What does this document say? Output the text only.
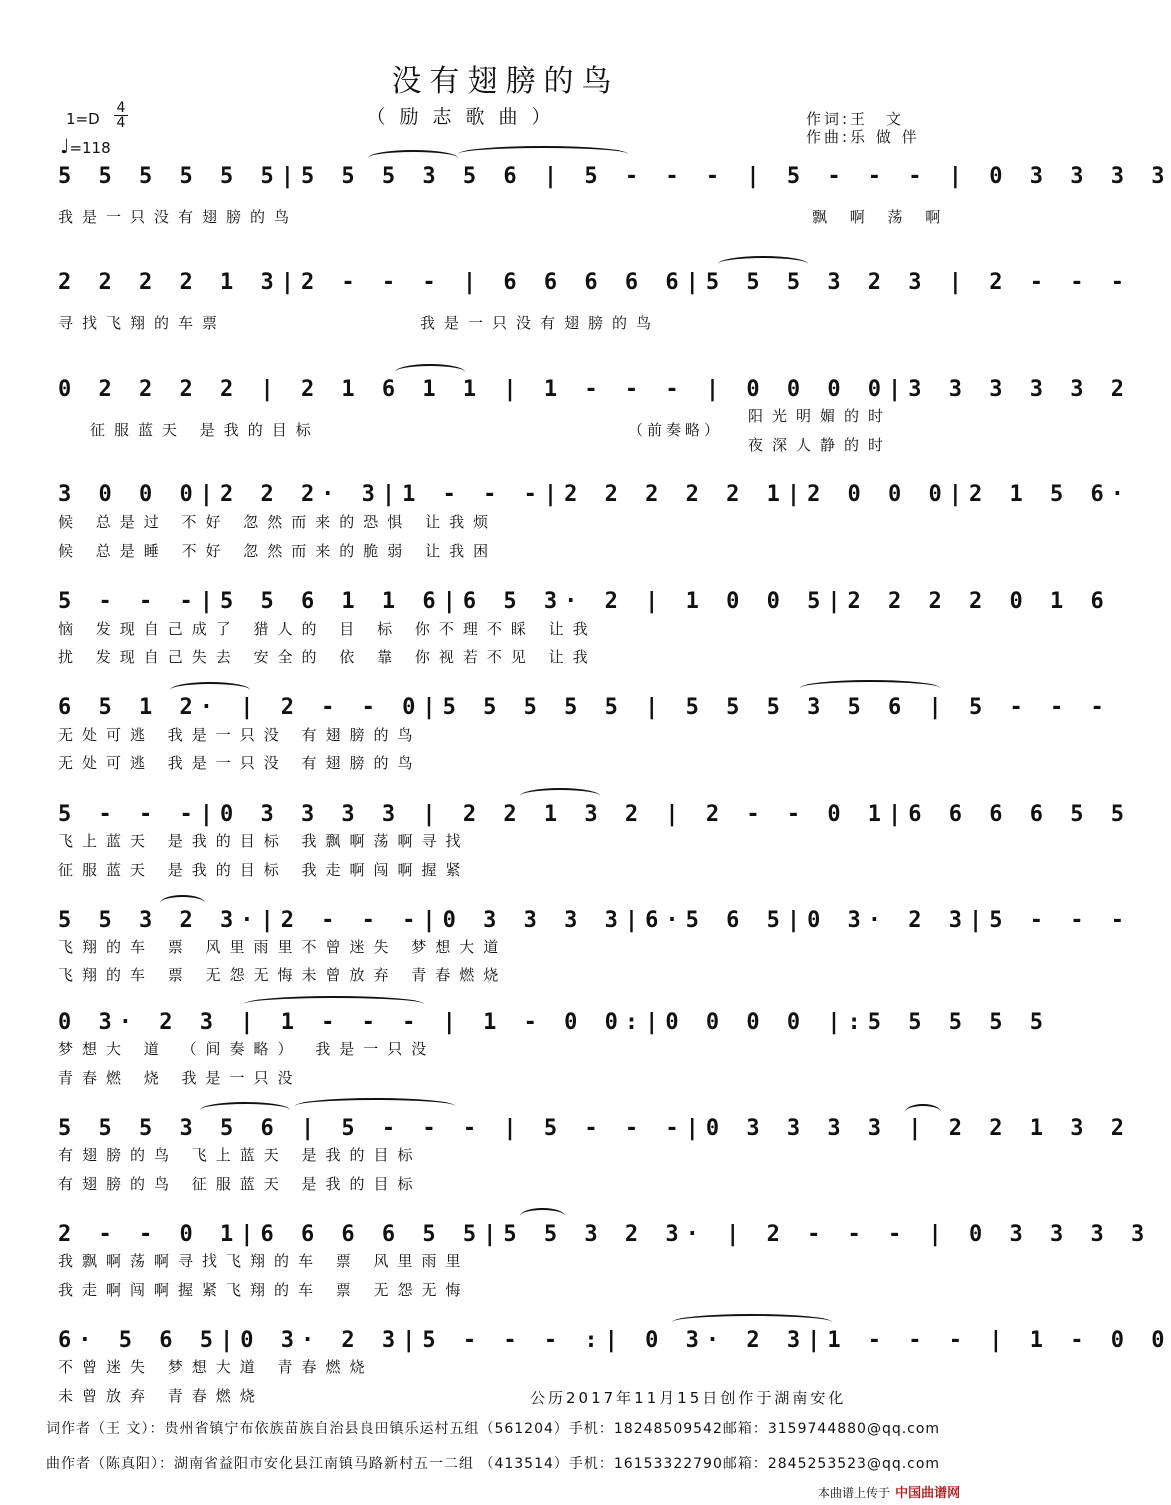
没有翅膀的鸟
（励志歌曲）
$1=D \frac{4}{4}$
♩=118
作词:王　文
作曲:乐 做 伴
5 5 5 5 5 5|5 5 5 3 5 6 | 5 - - - | 5 - - - | 0 3 3 3 3
我是一只没有翅膀的鸟	飘 啊 荡 啊
2 2 2 2 1 3|2 - - - | 6 6 6 6 6|5 5 5 3 2 3 | 2 - - -
寻找飞翔的车票	我是一只没有翅膀的鸟
0 2 2 2 2 | 2 1 6 1 1 | 1 - - - | 0 0 0 0|3 3 3 3 3 2
征服蓝天 是我的目标
阳光明媚的时
（前奏略）
夜深人静的时
3 0 0 0|2 2 2· 3|1 - - -|2 2 2 2 2 1|2 0 0 0|2 1 5 6·
候 总是过 不好 忽然而来的恐惧 让我烦
候 总是睡 不好 忽然而来的脆弱 让我困
5 - - -|5 5 6 1 1 6|6 5 3· 2 | 1 0 0 5|2 2 2 2 0 1 6
恼 发现自己成了 猎人的 目 标 你不理不睬 让我
扰 发现自己失去 安全的 依 靠 你视若不见 让我
6 5 1 2· | 2 - - 0|5 5 5 5 5 | 5 5 5 3 5 6 | 5 - - -
无处可逃 我是一只没 有翅膀的鸟
无处可逃 我是一只没 有翅膀的鸟
5 - - -|0 3 3 3 3 | 2 2 1 3 2 | 2 - - 0 1|6 6 6 6 5 5
飞上蓝天 是我的目标 我飘啊荡啊寻找
征服蓝天 是我的目标 我走啊闯啊握紧
5 5 3 2 3·|2 - - -|0 3 3 3 3|6·5 6 5|0 3· 2 3|5 - - -
飞翔的车 票 风里雨里不曾迷失 梦想大道
飞翔的车 票 无怨无悔未曾放弃 青春燃烧
0 3· 2 3 | 1 - - - | 1 - 0 0:|0 0 0 0 |:5 5 5 5 5
梦想大 道 （间奏略） 我是一只没
青春燃 烧 我是一只没
5 5 5 3 5 6 | 5 - - - | 5 - - -|0 3 3 3 3 | 2 2 1 3 2
有翅膀的鸟 飞上蓝天 是我的目标
有翅膀的鸟 征服蓝天 是我的目标
2 - - 0 1|6 6 6 6 5 5|5 5 3 2 3· | 2 - - - | 0 3 3 3 3
我飘啊荡啊寻找飞翔的车 票 风里雨里
我走啊闯啊握紧飞翔的车 票 无怨无悔
6· 5 6 5|0 3· 2 3|5 - - - :| 0 3· 2 3|1 - - - | 1 - 0 0
不曾迷失 梦想大道 青春燃烧
未曾放弃 青春燃烧	公历2017年11月15日创作于湖南安化
词作者（王 文）：贵州省镇宁布依族苗族自治县良田镇乐运村五组（561204）手机：18248509542邮箱：3159744880@qq.com
曲作者（陈真阳）：湖南省益阳市安化县江南镇马路新村五一二组 （413514）手机：16153322790邮箱：2845253523@qq.com
本曲谱上传于 中国曲谱网
